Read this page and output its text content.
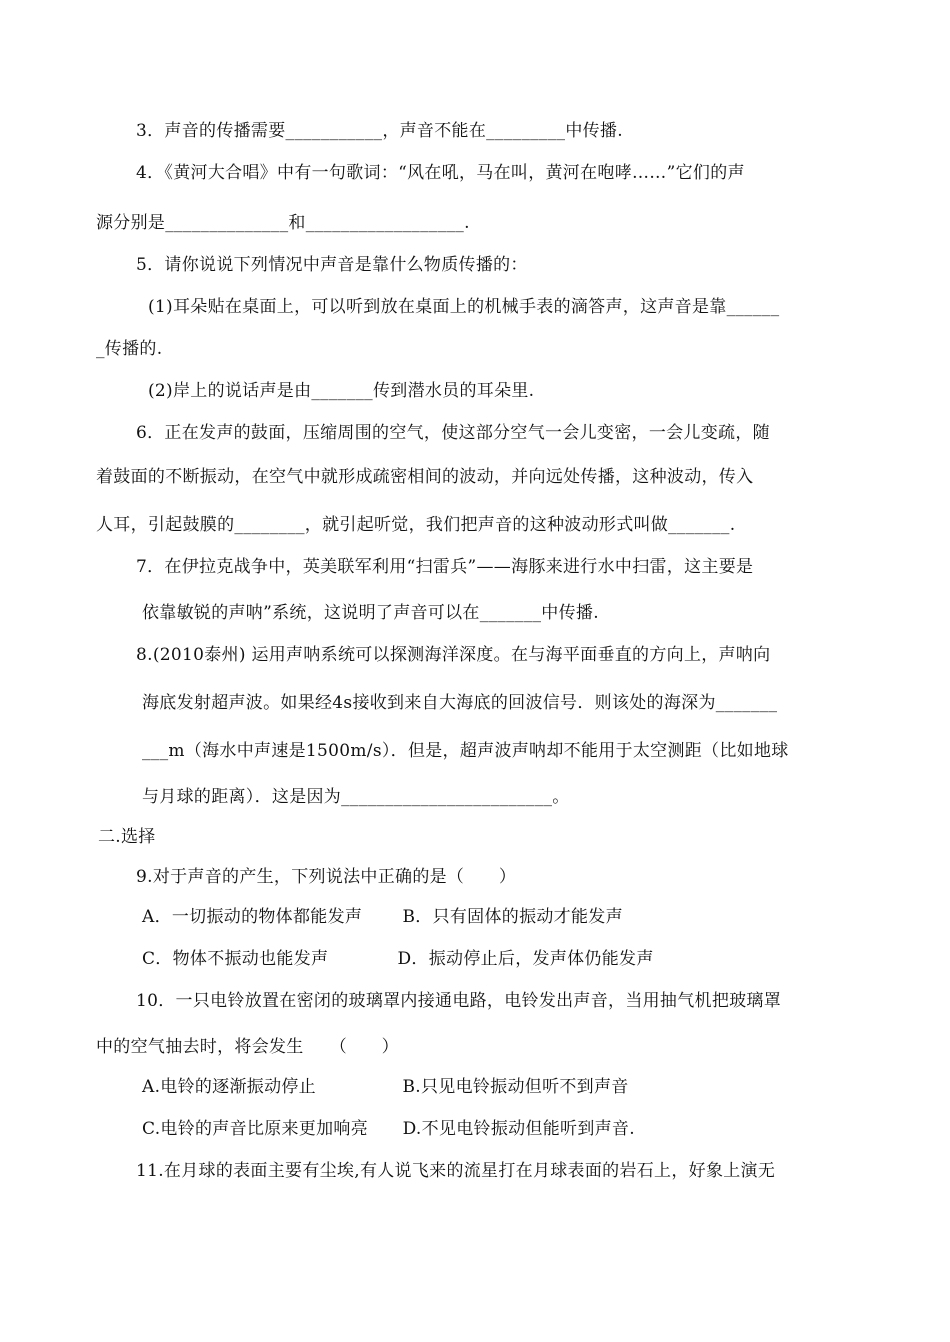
3．声音的传播需要___________，声音不能在_________中传播.
4．《黄河大合唱》中有一句歌词：“风在吼，马在叫，黄河在咆哮……”它们的声
源分别是______________和__________________.
5．请你说说下列情况中声音是靠什么物质传播的：
(1)耳朵贴在桌面上，可以听到放在桌面上的机械手表的滴答声，这声音是靠______
_传播的.
(2)岸上的说话声是由_______传到潜水员的耳朵里.
6．正在发声的鼓面，压缩周围的空气，使这部分空气一会儿变密，一会儿变疏，随
着鼓面的不断振动，在空气中就形成疏密相间的波动，并向远处传播，这种波动，传入
人耳，引起鼓膜的________，就引起听觉，我们把声音的这种波动形式叫做_______.
7．在伊拉克战争中，英美联军利用“扫雷兵”——海豚来进行水中扫雷，这主要是
依靠敏锐的声呐”系统，这说明了声音可以在_______中传播.
8.(2010泰州) 运用声呐系统可以探测海洋深度。在与海平面垂直的方向上，声呐向
海底发射超声波。如果经4s接收到来自大海底的回波信号．则该处的海深为_______
___m（海水中声速是1500m/s）．但是，超声波声呐却不能用于太空测距（比如地球
与月球的距离）．这是因为________________________。
二.选择
9.对于声音的产生，下列说法中正确的是（　　）
A．一切振动的物体都能发声　　 B．只有固体的振动才能发声
C．物体不振动也能发声　　　　D．振动停止后，发声体仍能发声
10．一只电铃放置在密闭的玻璃罩内接通电路，电铃发出声音，当用抽气机把玻璃罩
中的空气抽去时，将会发生　　（　　）
A.电铃的逐渐振动停止　　　　　B.只见电铃振动但听不到声音
C.电铃的声音比原来更加响亮　　D.不见电铃振动但能听到声音.
11.在月球的表面主要有尘埃,有人说飞来的流星打在月球表面的岩石上，好象上演无
